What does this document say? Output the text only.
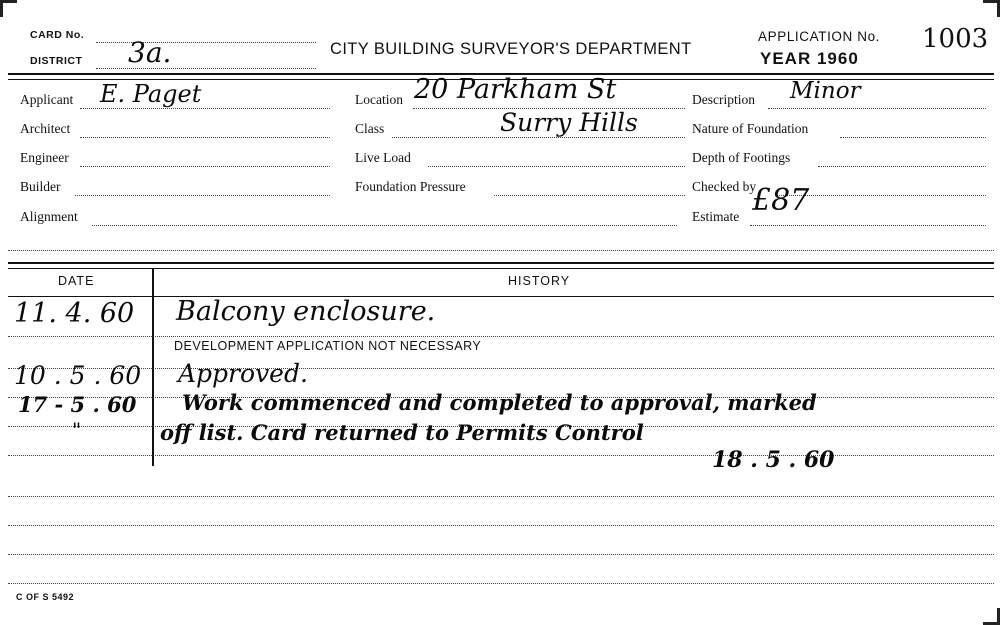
CARD No.
DISTRICT 3a.	CITY BUILDING SURVEYOR'S DEPARTMENT
APPLICATION No.
YEAR 1960
1003
Applicant E. Paget
Architect
Engineer
Builder
Alignment
Location 20 Parkham St
Class	Surry Hills
Live Load
Foundation Pressure
Description Minor
Nature of Foundation
Depth of Footings
Checked by
Estimate £87
DATE	HISTORY
11. 4. 60 Balcony enclosure.
DEVELOPMENT APPLICATION NOT NECESSARY
10 . 5 . 60 Approved.
17 - 5 . 60 Work commenced and completed to approval, marked
"	off list. Card returned to Permits Control
18 . 5 . 60
C OF S 5492
